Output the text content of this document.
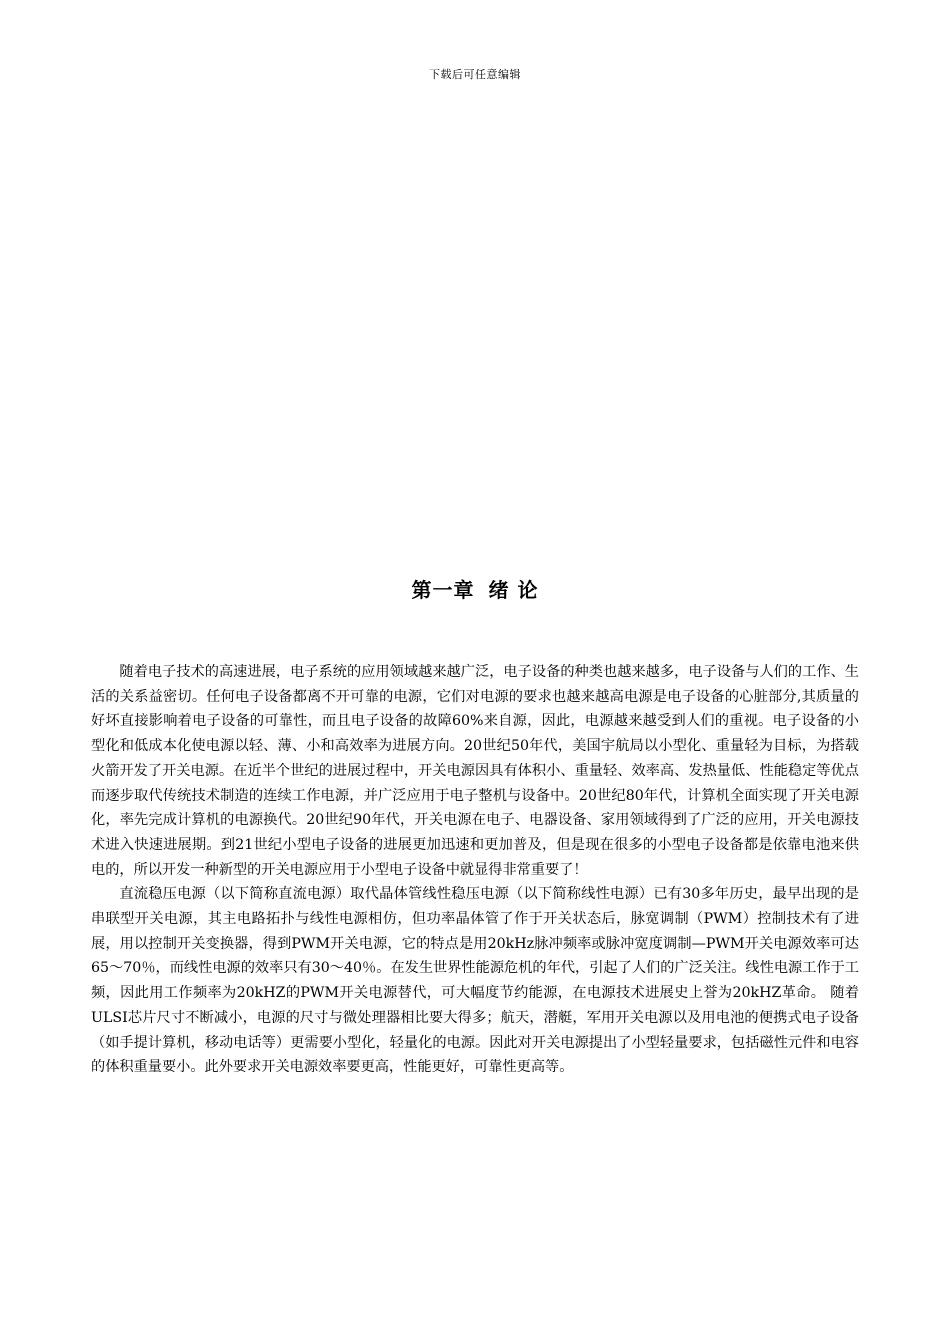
下载后可任意编辑
第一章 绪 论

随着电子技术的高速进展，电子系统的应用领域越来越广泛，电子设备的种类也越来越多，电子设备与人们的工作、生活的关系益密切。任何电子设备都离不开可靠的电源，它们对电源的要求也越来越高电源是电子设备的心脏部分,其质量的好坏直接影响着电子设备的可靠性，而且电子设备的故障60%来自源，因此，电源越来越受到人们的重视。电子设备的小型化和低成本化使电源以轻、薄、小和高效率为进展方向。20世纪50年代，美国宇航局以小型化、重量轻为目标，为搭载火箭开发了开关电源。在近半个世纪的进展过程中，开关电源因具有体积小、重量轻、效率高、发热量低、性能稳定等优点而逐步取代传统技术制造的连续工作电源，并广泛应用于电子整机与设备中。20世纪80年代，计算机全面实现了开关电源化，率先完成计算机的电源换代。20世纪90年代，开关电源在电子、电器设备、家用领域得到了广泛的应用，开关电源技术进入快速进展期。到21世纪小型电子设备的进展更加迅速和更加普及，但是现在很多的小型电子设备都是依靠电池来供电的，所以开发一种新型的开关电源应用于小型电子设备中就显得非常重要了！

直流稳压电源（以下简称直流电源）取代晶体管线性稳压电源（以下简称线性电源）已有30多年历史，最早出现的是串联型开关电源，其主电路拓扑与线性电源相仿，但功率晶体管了作于开关状态后，脉宽调制（PWM）控制技术有了进展，用以控制开关变换器，得到PWM开关电源，它的特点是用20kHz脉冲频率或脉冲宽度调制—PWM开关电源效率可达 65～70％，而线性电源的效率只有30～40％。在发生世界性能源危机的年代，引起了人们的广泛关注。线性电源工作于工频，因此用工作频率为20kHZ的PWM开关电源替代，可大幅度节约能源，在电源技术进展史上誉为20kHZ革命。 随着ULSI芯片尺寸不断减小，电源的尺寸与微处理器相比要大得多；航天，潜艇，军用开关电源以及用电池的便携式电子设备（如手提计算机，移动电话等）更需要小型化，轻量化的电源。因此对开关电源提出了小型轻量要求，包括磁性元件和电容的体积重量要小。此外要求开关电源效率要更高，性能更好，可靠性更高等。
